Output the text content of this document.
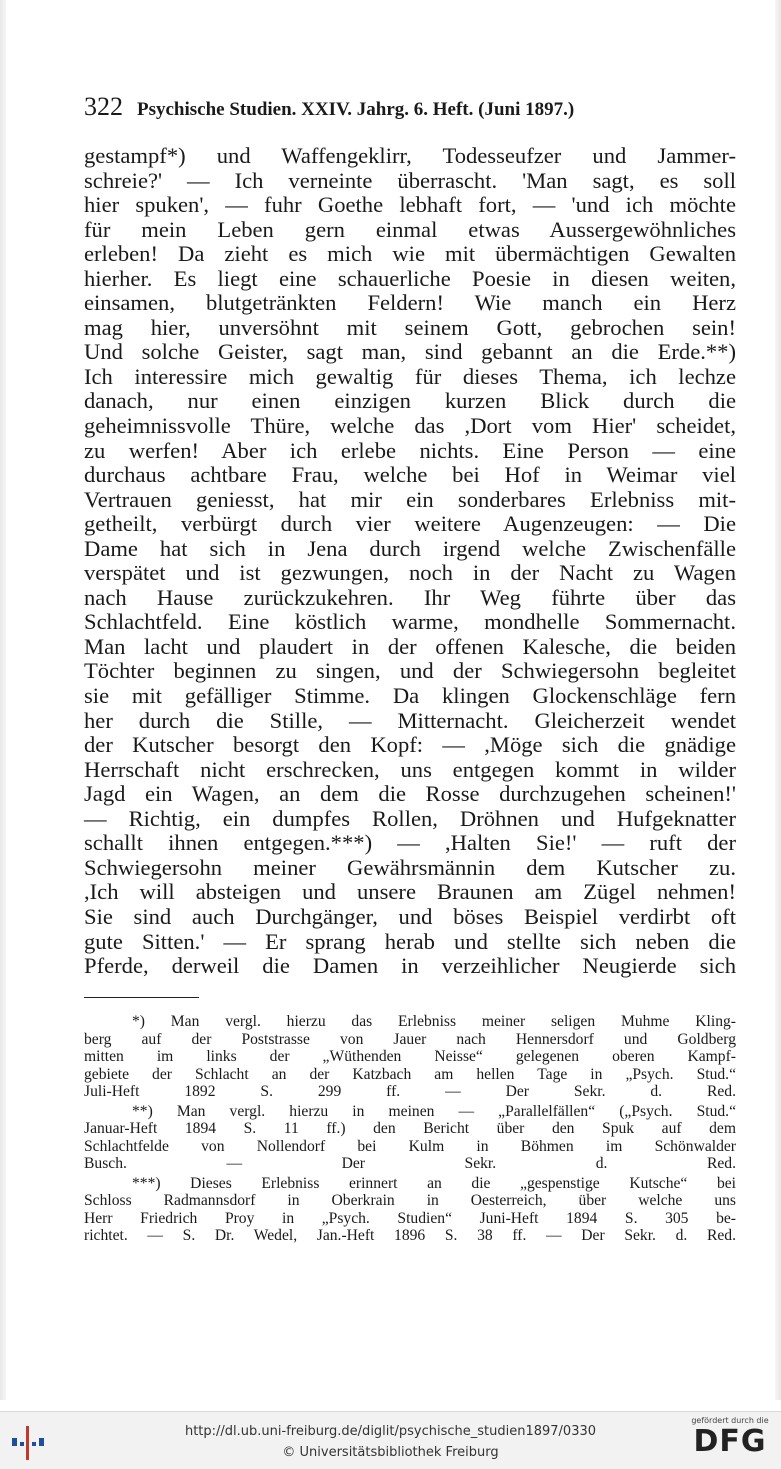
322 Psychische Studien. XXIV. Jahrg. 6. Heft. (Juni 1897.)
gestampf*) und Waffengeklirr, Todesseufzer und Jammer-
schreie?' — Ich verneinte überrascht. 'Man sagt, es soll
hier spuken', — fuhr Goethe lebhaft fort, — 'und ich möchte
für mein Leben gern einmal etwas Aussergewöhnliches
erleben! Da zieht es mich wie mit übermächtigen Gewalten
hierher. Es liegt eine schauerliche Poesie in diesen weiten,
einsamen, blutgetränkten Feldern! Wie manch ein Herz
mag hier, unversöhnt mit seinem Gott, gebrochen sein!
Und solche Geister, sagt man, sind gebannt an die Erde.**)
Ich interessire mich gewaltig für dieses Thema, ich lechze
danach, nur einen einzigen kurzen Blick durch die
geheimnissvolle Thüre, welche das ,Dort vom Hier' scheidet,
zu werfen! Aber ich erlebe nichts. Eine Person — eine
durchaus achtbare Frau, welche bei Hof in Weimar viel
Vertrauen geniesst, hat mir ein sonderbares Erlebniss mit-
getheilt, verbürgt durch vier weitere Augenzeugen: — Die
Dame hat sich in Jena durch irgend welche Zwischenfälle
verspätet und ist gezwungen, noch in der Nacht zu Wagen
nach Hause zurückzukehren. Ihr Weg führte über das
Schlachtfeld. Eine köstlich warme, mondhelle Sommernacht.
Man lacht und plaudert in der offenen Kalesche, die beiden
Töchter beginnen zu singen, und der Schwiegersohn begleitet
sie mit gefälliger Stimme. Da klingen Glockenschläge fern
her durch die Stille, — Mitternacht. Gleicherzeit wendet
der Kutscher besorgt den Kopf: — ,Möge sich die gnädige
Herrschaft nicht erschrecken, uns entgegen kommt in wilder
Jagd ein Wagen, an dem die Rosse durchzugehen scheinen!'
— Richtig, ein dumpfes Rollen, Dröhnen und Hufgeknatter
schallt ihnen entgegen.***) — ,Halten Sie!' — ruft der
Schwiegersohn meiner Gewährsmännin dem Kutscher zu.
,Ich will absteigen und unsere Braunen am Zügel nehmen!
Sie sind auch Durchgänger, und böses Beispiel verdirbt oft
gute Sitten.' — Er sprang herab und stellte sich neben die
Pferde, derweil die Damen in verzeihlicher Neugierde sich
*) Man vergl. hierzu das Erlebniss meiner seligen Muhme Kling-
berg auf der Poststrasse von Jauer nach Hennersdorf und Goldberg
mitten im links der „Wüthenden Neisse“ gelegenen oberen Kampf-
gebiete der Schlacht an der Katzbach am hellen Tage in „Psych. Stud.“
Juli-Heft 1892 S. 299 ff. — Der Sekr. d. Red.
**) Man vergl. hierzu in meinen — „Parallelfällen“ („Psych. Stud.“
Januar-Heft 1894 S. 11 ff.) den Bericht über den Spuk auf dem
Schlachtfelde von Nollendorf bei Kulm in Böhmen im Schönwalder
Busch. — Der Sekr. d. Red.
***) Dieses Erlebniss erinnert an die „gespenstige Kutsche“ bei
Schloss Radmannsdorf in Oberkrain in Oesterreich, über welche uns
Herr Friedrich Proy in „Psych. Studien“ Juni-Heft 1894 S. 305 be-
richtet. — S. Dr. Wedel, Jan.-Heft 1896 S. 38 ff. — Der Sekr. d. Red.
http://dl.ub.uni-freiburg.de/diglit/psychische_studien1897/0330
© Universitätsbibliothek Freiburg
gefördert durch die
DFG
